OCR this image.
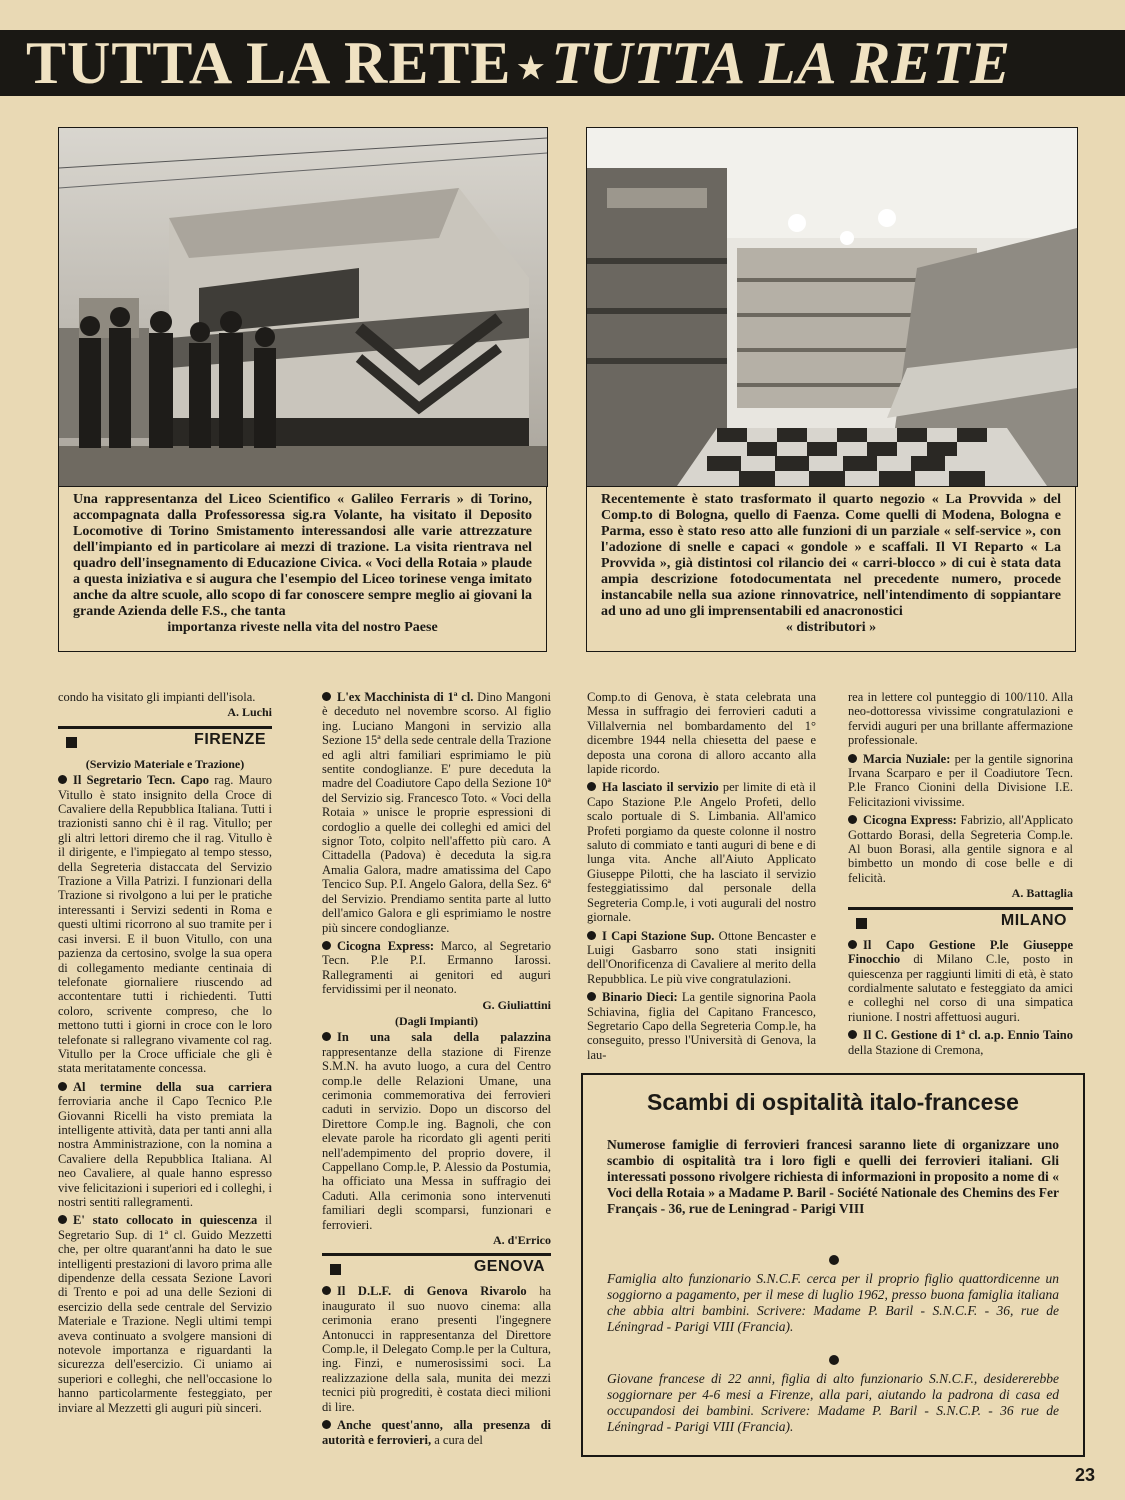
TUTTA LA RETE ★ TUTTA LA RETE
Una rappresentanza del Liceo Scientifico « Galileo Ferraris » di Torino, accompagnata dalla Professoressa sig.ra Volante, ha visitato il Deposito Locomotive di Torino Smistamento interessandosi alle varie attrezzature dell'impianto ed in particolare ai mezzi di trazione. La visita rientrava nel quadro dell'insegnamento di Educazione Civica. « Voci della Rotaia » plaude a questa iniziativa e si augura che l'esempio del Liceo torinese venga imitato anche da altre scuole, allo scopo di far conoscere sempre meglio ai giovani la grande Azienda delle F.S., che tanta
importanza riveste nella vita del nostro Paese
Recentemente è stato trasformato il quarto negozio « La Provvida » del Comp.to di Bologna, quello di Faenza. Come quelli di Modena, Bologna e Parma, esso è stato reso atto alle funzioni di un parziale « self-service », con l'adozione di snelle e capaci « gondole » e scaffali. Il VI Reparto « La Provvida », già distintosi col rilancio dei « carri-blocco » di cui è stata data ampia descrizione fotodocumentata nel precedente numero, procede instancabile nella sua azione rinnovatrice, nell'intendimento di soppiantare ad uno ad uno gli imprensentabili ed anacronostici
« distributori »

condo ha visitato gli impianti dell'isola.

A. Luchi
FIRENZE
(Servizio Materiale e Trazione)

Il Segretario Tecn. Capo rag. Mauro Vitullo è stato insignito della Croce di Cavaliere della Repubblica Italiana. Tutti i trazionisti sanno chi è il rag. Vitullo; per gli altri lettori diremo che il rag. Vitullo è il dirigente, e l'impiegato al tempo stesso, della Segreteria distaccata del Servizio Trazione a Villa Patrizi. I funzionari della Trazione si rivolgono a lui per le pratiche interessanti i Servizi sedenti in Roma e questi ultimi ricorrono al suo tramite per i casi inversi. E il buon Vitullo, con una pazienza da certosino, svolge la sua opera di collegamento mediante centinaia di telefonate giornaliere riuscendo ad accontentare tutti i richiedenti. Tutti coloro, scrivente compreso, che lo mettono tutti i giorni in croce con le loro telefonate si rallegrano vivamente col rag. Vitullo per la Croce ufficiale che gli è stata meritatamente concessa.

Al termine della sua carriera ferroviaria anche il Capo Tecnico P.le Giovanni Ricelli ha visto premiata la intelligente attività, data per tanti anni alla nostra Amministrazione, con la nomina a Cavaliere della Repubblica Italiana. Al neo Cavaliere, al quale hanno espresso vive felicitazioni i superiori ed i colleghi, i nostri sentiti rallegramenti.

E' stato collocato in quiescenza il Segretario Sup. di 1ª cl. Guido Mezzetti che, per oltre quarant'anni ha dato le sue intelligenti prestazioni di lavoro prima alle dipendenze della cessata Sezione Lavori di Trento e poi ad una delle Sezioni di esercizio della sede centrale del Servizio Materiale e Trazione. Negli ultimi tempi aveva continuato a svolgere mansioni di notevole importanza e riguardanti la sicurezza dell'esercizio. Ci uniamo ai superiori e colleghi, che nell'occasione lo hanno particolarmente festeggiato, per inviare al Mezzetti gli auguri più sinceri.

L'ex Macchinista di 1ª cl. Dino Mangoni è deceduto nel novembre scorso. Al figlio ing. Luciano Mangoni in servizio alla Sezione 15ª della sede centrale della Trazione ed agli altri familiari esprimiamo le più sentite condoglianze. E' pure deceduta la madre del Coadiutore Capo della Sezione 10ª del Servizio sig. Francesco Toto. « Voci della Rotaia » unisce le proprie espressioni di cordoglio a quelle dei colleghi ed amici del signor Toto, colpito nell'affetto più caro. A Cittadella (Padova) è deceduta la sig.ra Amalia Galora, madre amatissima del Capo Tencico Sup. P.I. Angelo Galora, della Sez. 6ª del Servizio. Prendiamo sentita parte al lutto dell'amico Galora e gli esprimiamo le nostre più sincere condoglianze.

Cicogna Express: Marco, al Segretario Tecn. P.le P.I. Ermanno Iarossi. Rallegramenti ai genitori ed auguri fervidissimi per il neonato.

G. Giuliattini
(Dagli Impianti)

In una sala della palazzina rappresentanze della stazione di Firenze S.M.N. ha avuto luogo, a cura del Centro comp.le delle Relazioni Umane, una cerimonia commemorativa dei ferrovieri caduti in servizio. Dopo un discorso del Direttore Comp.le ing. Bagnoli, che con elevate parole ha ricordato gli agenti periti nell'adempimento del proprio dovere, il Cappellano Comp.le, P. Alessio da Postumia, ha officiato una Messa in suffragio dei Caduti. Alla cerimonia sono intervenuti familiari degli scomparsi, funzionari e ferrovieri.

A. d'Errico
GENOVA

Il D.L.F. di Genova Rivarolo ha inaugurato il suo nuovo cinema: alla cerimonia erano presenti l'ingegnere Antonucci in rappresentanza del Direttore Comp.le, il Delegato Comp.le per la Cultura, ing. Finzi, e numerosissimi soci. La realizzazione della sala, munita dei mezzi tecnici più progrediti, è costata dieci milioni di lire.

Anche quest'anno, alla presenza di autorità e ferrovieri, a cura del

Comp.to di Genova, è stata celebrata una Messa in suffragio dei ferrovieri caduti a Villalvernia nel bombardamento del 1° dicembre 1944 nella chiesetta del paese e deposta una corona di alloro accanto alla lapide ricordo.

Ha lasciato il servizio per limite di età il Capo Stazione P.le Angelo Profeti, dello scalo portuale di S. Limbania. All'amico Profeti porgiamo da queste colonne il nostro saluto di commiato e tanti auguri di bene e di lunga vita. Anche all'Aiuto Applicato Giuseppe Pilotti, che ha lasciato il servizio festeggiatissimo dal personale della Segreteria Comp.le, i voti augurali del nostro giornale.

I Capi Stazione Sup. Ottone Bencaster e Luigi Gasbarro sono stati insigniti dell'Onorificenza di Cavaliere al merito della Repubblica. Le più vive congratulazioni.

Binario Dieci: La gentile signorina Paola Schiavina, figlia del Capitano Francesco, Segretario Capo della Segreteria Comp.le, ha conseguito, presso l'Università di Genova, la lau-

rea in lettere col punteggio di 100/110. Alla neo-dottoressa vivissime congratulazioni e fervidi auguri per una brillante affermazione professionale.

Marcia Nuziale: per la gentile signorina Irvana Scarparo e per il Coadiutore Tecn. P.le Franco Cionini della Divisione I.E. Felicitazioni vivissime.

Cicogna Express: Fabrizio, all'Applicato Gottardo Borasi, della Segreteria Comp.le. Al buon Borasi, alla gentile signora e al bimbetto un mondo di cose belle e di felicità.

A. Battaglia
MILANO

Il Capo Gestione P.le Giuseppe Finocchio di Milano C.le, posto in quiescenza per raggiunti limiti di età, è stato cordialmente salutato e festeggiato da amici e colleghi nel corso di una simpatica riunione. I nostri affettuosi auguri.

Il C. Gestione di 1ª cl. a.p. Ennio Taino della Stazione di Cremona,

Scambi di ospitalità italo-francese
Numerose famiglie di ferrovieri francesi saranno liete di organizzare uno scambio di ospitalità tra i loro figli e quelli dei ferrovieri italiani. Gli interessati possono rivolgere richiesta di informazioni in proposito a nome di « Voci della Rotaia » a Madame P. Baril - Société Nationale des Chemins des Fer Français - 36, rue de Leningrad - Parigi VIII
Famiglia alto funzionario S.N.C.F. cerca per il proprio figlio quattordicenne un soggiorno a pagamento, per il mese di luglio 1962, presso buona famiglia italiana che abbia altri bambini. Scrivere: Madame P. Baril - S.N.C.F. - 36, rue de Léningrad - Parigi VIII (Francia).
Giovane francese di 22 anni, figlia di alto funzionario S.N.C.F., desidererebbe soggiornare per 4-6 mesi a Firenze, alla pari, aiutando la padrona di casa ed occupandosi dei bambini. Scrivere: Madame P. Baril - S.N.C.P. - 36 rue de Léningrad - Parigi VIII (Francia).
23
